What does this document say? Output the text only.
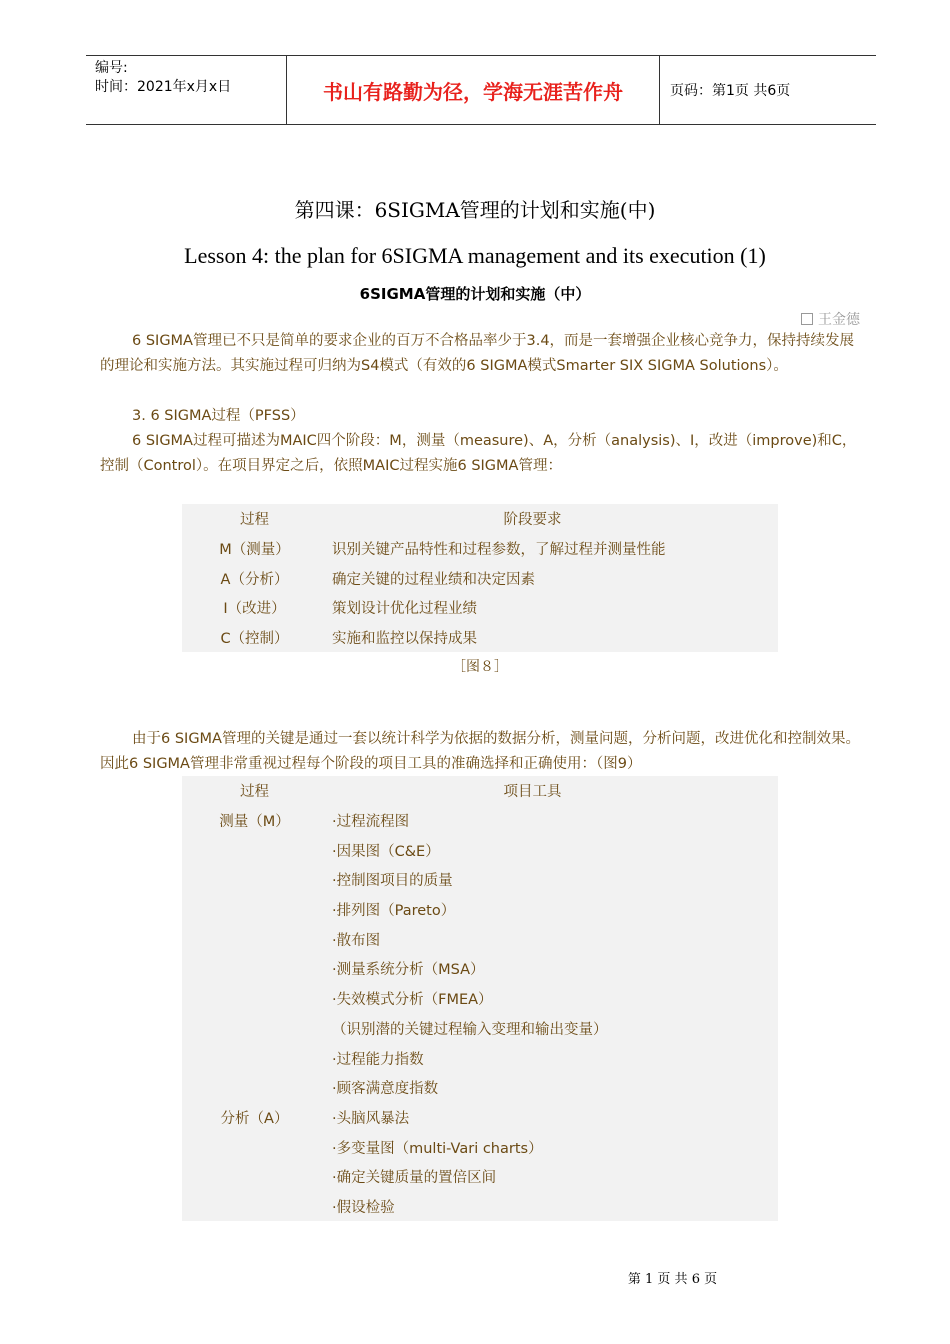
编号:
时间：2021年x月x日	书山有路勤为径，学海无涯苦作舟	页码：第1页 共6页
第四课：6SIGMA管理的计划和实施(中)
Lesson 4: the plan for 6SIGMA management and its execution (1)
6SIGMA管理的计划和实施（中）
王金德
6 SIGMA管理已不只是简单的要求企业的百万不合格品率少于3.4，而是一套增强企业核心竞争力，保持持续发展的理论和实施方法。其实施过程可归纳为S4模式（有效的6 SIGMA模式Smarter SIX SIGMA Solutions）。
3. 6 SIGMA过程（PFSS）
6 SIGMA过程可描述为MAIC四个阶段：M，测量（measure)、A，分析（analysis)、I，改进（improve)和C，控制（Control）。在项目界定之后，依照MAIC过程实施6 SIGMA管理：
过程	阶段要求
M（测量）	识别关键产品特性和过程参数，了解过程并测量性能
A（分析）	确定关键的过程业绩和决定因素
I（改进）	策划设计优化过程业绩
C（控制）	实施和监控以保持成果
［图８］
由于6 SIGMA管理的关键是通过一套以统计科学为依据的数据分析，测量问题，分析问题，改进优化和控制效果。因此6 SIGMA管理非常重视过程每个阶段的项目工具的准确选择和正确使用：（图9）
过程	项目工具
测量（M）	·过程流程图
·因果图（C&E）
·控制图项目的质量
·排列图（Pareto）
·散布图
·测量系统分析（MSA）
·失效模式分析（FMEA）
（识别潜的关键过程输入变理和输出变量）
·过程能力指数
·顾客满意度指数
分析（A）	·头脑风暴法
·多变量图（multi-Vari charts）
·确定关键质量的置倍区间
·假设检验
第 1 页 共 6 页
